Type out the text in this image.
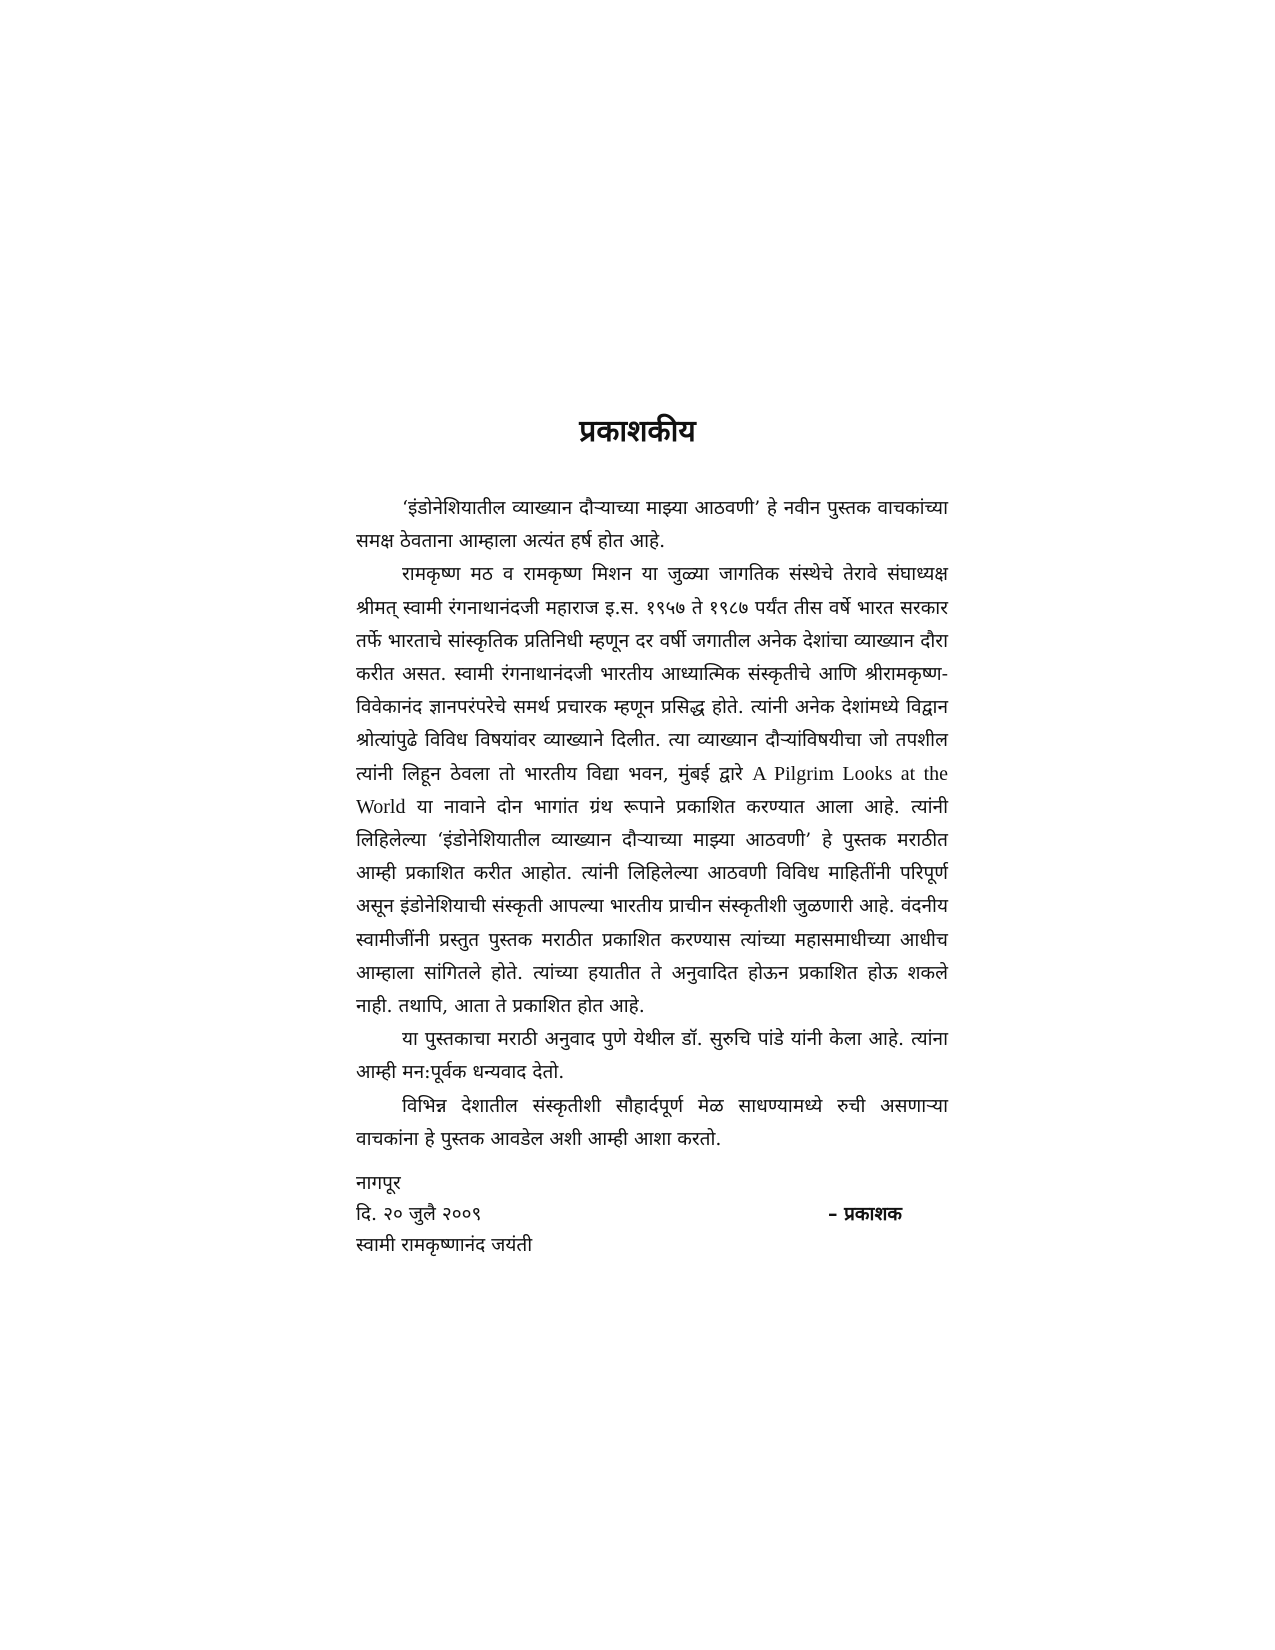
प्रकाशकीय

‘इंडोनेशियातील व्याख्यान दौऱ्याच्या माझ्या आठवणी’ हे नवीन पुस्तक वाचकांच्या समक्ष ठेवताना आम्हाला अत्यंत हर्ष होत आहे.

रामकृष्ण मठ व रामकृष्ण मिशन या जुळ्या जागतिक संस्थेचे तेरावे संघाध्यक्ष श्रीमत् स्वामी रंगनाथानंदजी महाराज इ.स. १९५७ ते १९८७ पर्यंत तीस वर्षे भारत सरकार तर्फे भारताचे सांस्कृतिक प्रतिनिधी म्हणून दर वर्षी जगातील अनेक देशांचा व्याख्यान दौरा करीत असत. स्वामी रंगनाथानंदजी भारतीय आध्यात्मिक संस्कृतीचे आणि श्रीरामकृष्ण-विवेकानंद ज्ञानपरंपरेचे समर्थ प्रचारक म्हणून प्रसिद्ध होते. त्यांनी अनेक देशांमध्ये विद्वान श्रोत्यांपुढे विविध विषयांवर व्याख्याने दिलीत. त्या व्याख्यान दौऱ्यांविषयीचा जो तपशील त्यांनी लिहून ठेवला तो भारतीय विद्या भवन, मुंबई द्वारे A Pilgrim Looks at the World या नावाने दोन भागांत ग्रंथ रूपाने प्रकाशित करण्यात आला आहे. त्यांनी लिहिलेल्या ‘इंडोनेशियातील व्याख्यान दौऱ्याच्या माझ्या आठवणी’ हे पुस्तक मराठीत आम्ही प्रकाशित करीत आहोत. त्यांनी लिहिलेल्या आठवणी विविध माहितींनी परिपूर्ण असून इंडोनेशियाची संस्कृती आपल्या भारतीय प्राचीन संस्कृतीशी जुळणारी आहे. वंदनीय स्वामीजींनी प्रस्तुत पुस्तक मराठीत प्रकाशित करण्यास त्यांच्या महासमाधीच्या आधीच आम्हाला सांगितले होते. त्यांच्या हयातीत ते अनुवादित होऊन प्रकाशित होऊ शकले नाही. तथापि, आता ते प्रकाशित होत आहे.

या पुस्तकाचा मराठी अनुवाद पुणे येथील डॉ. सुरुचि पांडे यांनी केला आहे. त्यांना आम्ही मन:पूर्वक धन्यवाद देतो.

विभिन्न देशातील संस्कृतीशी सौहार्दपूर्ण मेळ साधण्यामध्ये रुची असणाऱ्या वाचकांना हे पुस्तक आवडेल अशी आम्ही आशा करतो.

नागपूर
दि. २० जुलै २००९
स्वामी रामकृष्णानंद जयंती
– प्रकाशक
